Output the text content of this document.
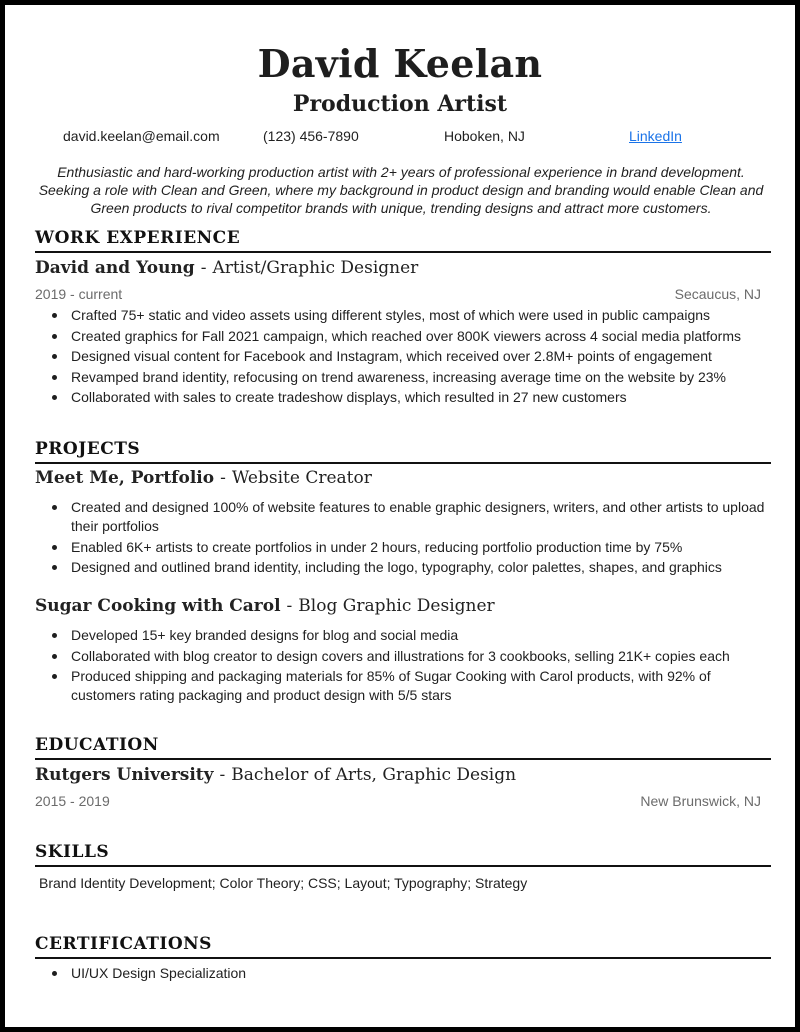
David Keelan
Production Artist
david.keelan@email.com	(123) 456-7890	Hoboken, NJ	LinkedIn
Enthusiastic and hard-working production artist with 2+ years of professional experience in brand development. Seeking a role with Clean and Green, where my background in product design and branding would enable Clean and Green products to rival competitor brands with unique, trending designs and attract more customers.
WORK EXPERIENCE
David and Young - Artist/Graphic Designer
2019 - current	Secaucus, NJ
Crafted 75+ static and video assets using different styles, most of which were used in public campaigns
Created graphics for Fall 2021 campaign, which reached over 800K viewers across 4 social media platforms
Designed visual content for Facebook and Instagram, which received over 2.8M+ points of engagement
Revamped brand identity, refocusing on trend awareness, increasing average time on the website by 23%
Collaborated with sales to create tradeshow displays, which resulted in 27 new customers
PROJECTS
Meet Me, Portfolio - Website Creator
Created and designed 100% of website features to enable graphic designers, writers, and other artists to upload their portfolios
Enabled 6K+ artists to create portfolios in under 2 hours, reducing portfolio production time by 75%
Designed and outlined brand identity, including the logo, typography, color palettes, shapes, and graphics
Sugar Cooking with Carol - Blog Graphic Designer
Developed 15+ key branded designs for blog and social media
Collaborated with blog creator to design covers and illustrations for 3 cookbooks, selling 21K+ copies each
Produced shipping and packaging materials for 85% of Sugar Cooking with Carol products, with 92% of customers rating packaging and product design with 5/5 stars
EDUCATION
Rutgers University - Bachelor of Arts, Graphic Design
2015 - 2019	New Brunswick, NJ
SKILLS
Brand Identity Development; Color Theory; CSS; Layout; Typography; Strategy
CERTIFICATIONS
UI/UX Design Specialization
